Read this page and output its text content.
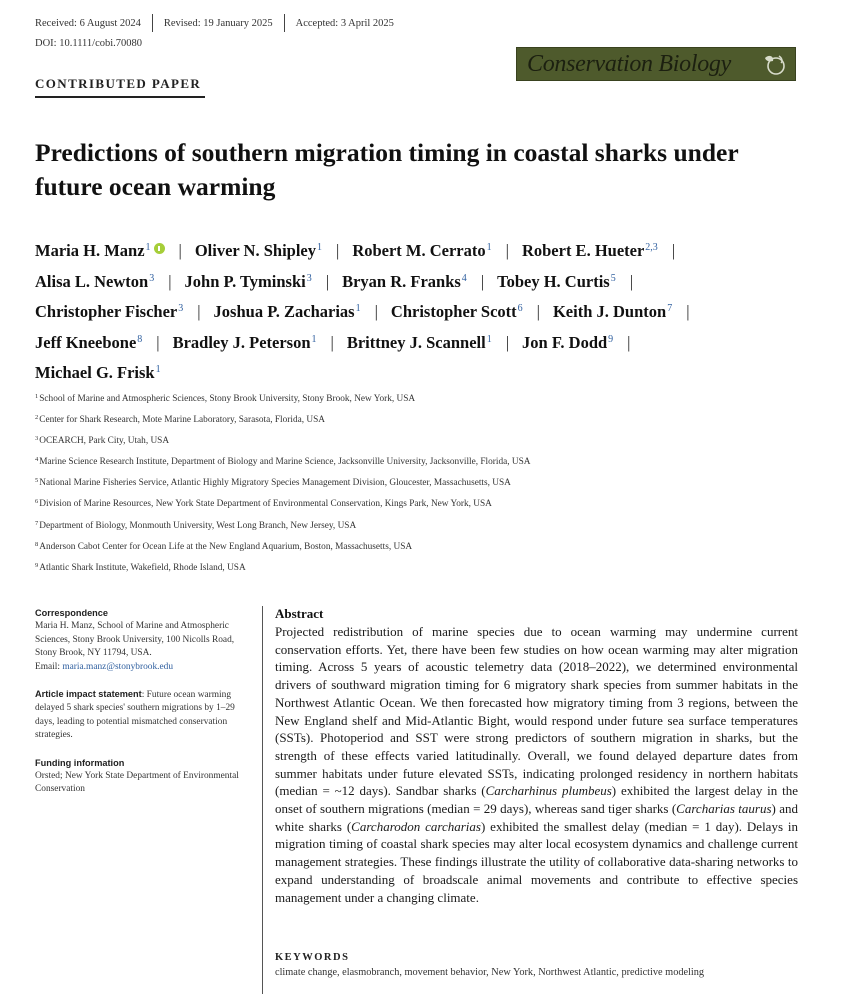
Received: 6 August 2024 Revised: 19 January 2025 Accepted: 3 April 2025
DOI: 10.1111/cobi.70080
Conservation Biology
CONTRIBUTED PAPER
Predictions of southern migration timing in coastal sharks under future ocean warming
Maria H. Manz$^1$ | Oliver N. Shipley$^1$ | Robert M. Cerrato$^1$ | Robert E. Hueter$^{2,3}$ |
Alisa L. Newton$^3$ | John P. Tyminski$^3$ | Bryan R. Franks$^4$ | Tobey H. Curtis$^5$ |
Christopher Fischer$^3$ | Joshua P. Zacharias$^1$ | Christopher Scott$^6$ | Keith J. Dunton$^7$ |
Jeff Kneebone$^8$ | Bradley J. Peterson$^1$ | Brittney J. Scannell$^1$ | Jon F. Dodd$^9$ |
Michael G. Frisk$^1$
$^1$School of Marine and Atmospheric Sciences, Stony Brook University, Stony Brook, New York, USA
$^2$Center for Shark Research, Mote Marine Laboratory, Sarasota, Florida, USA
$^3$OCEARCH, Park City, Utah, USA
$^4$Marine Science Research Institute, Department of Biology and Marine Science, Jacksonville University, Jacksonville, Florida, USA
$^5$National Marine Fisheries Service, Atlantic Highly Migratory Species Management Division, Gloucester, Massachusetts, USA
$^6$Division of Marine Resources, New York State Department of Environmental Conservation, Kings Park, New York, USA
$^7$Department of Biology, Monmouth University, West Long Branch, New Jersey, USA
$^8$Anderson Cabot Center for Ocean Life at the New England Aquarium, Boston, Massachusetts, USA
$^9$Atlantic Shark Institute, Wakefield, Rhode Island, USA
Correspondence
Maria H. Manz, School of Marine and Atmospheric Sciences, Stony Brook University, 100 Nicolls Road, Stony Brook, NY 11794, USA.
Email: maria.manz@stonybrook.edu
Article impact statement: Future ocean warming delayed 5 shark species' southern migrations by 1–29 days, leading to potential mismatched conservation strategies.
Funding information
Orsted; New York State Department of Environmental Conservation
Abstract

Projected redistribution of marine species due to ocean warming may undermine current conservation efforts. Yet, there have been few studies on how ocean warming may alter migration timing. Across 5 years of acoustic telemetry data (2018–2022), we determined environmental drivers of southward migration timing for 6 migratory shark species from summer habitats in the Northwest Atlantic Ocean. We then forecasted how migratory timing from 3 regions, between the New England shelf and Mid-Atlantic Bight, would respond under future sea surface temperatures (SSTs). Photoperiod and SST were strong predictors of southern migration in sharks, but the strength of these effects varied latitudinally. Overall, we found delayed departure dates from summer habitats under future elevated SSTs, indicating prolonged residency in northern habitats (median = ~12 days). Sandbar sharks (Carcharhinus plumbeus) exhibited the largest delay in the onset of southern migrations (median = 29 days), whereas sand tiger sharks (Carcharias taurus) and white sharks (Carcharodon carcharias) exhibited the smallest delay (median = 1 day). Delays in migration timing of coastal shark species may alter local ecosystem dynamics and challenge current management strategies. These findings illustrate the utility of collaborative data-sharing networks to expand understanding of broadscale animal movements and contribute to effective species management under a changing climate.

KEYWORDS
climate change, elasmobranch, movement behavior, New York, Northwest Atlantic, predictive modeling
